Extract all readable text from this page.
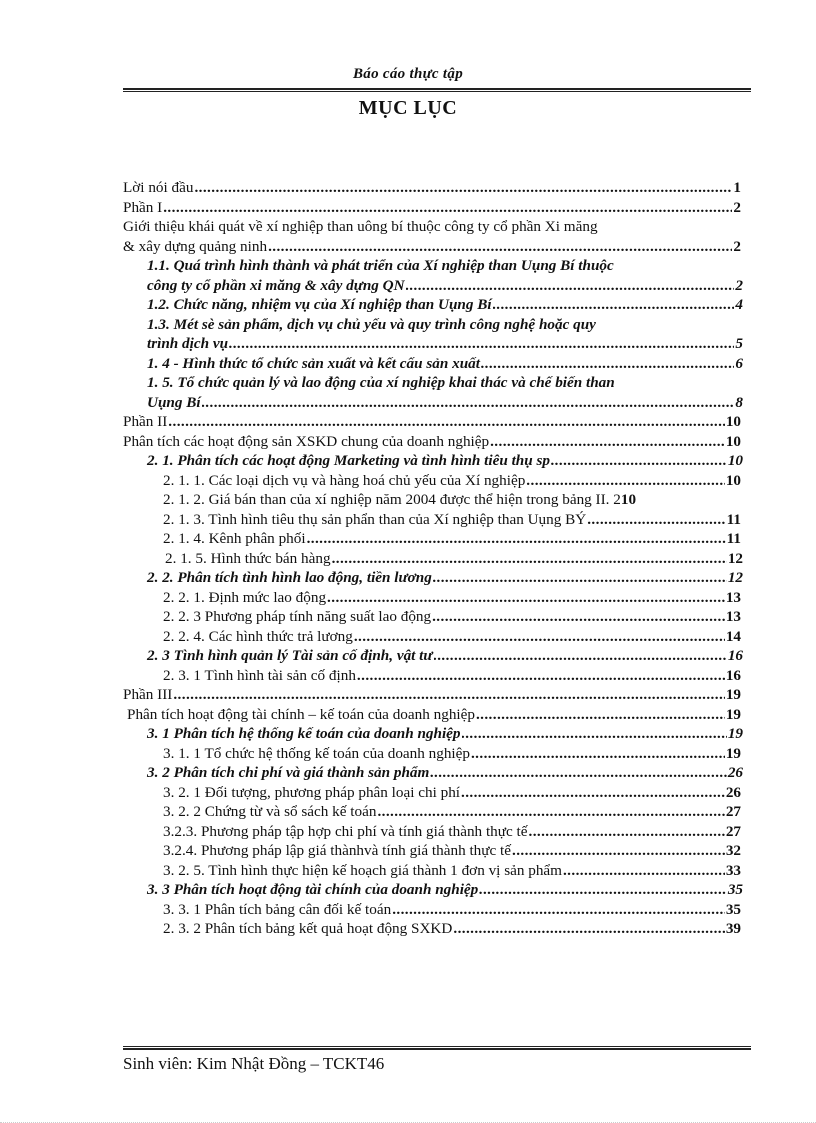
Báo cáo thực tập
MỤC LỤC
Lời nói đầu .....	1
Phần I .....	2
Giới thiệu khái quát về xí nghiệp than uông bí thuộc công ty cổ phần Xi măng
& xây dựng quảng ninh .....	2
1.1. Quá trình hình thành và phát triển của Xí nghiệp than Uụng Bí thuộc
công ty cổ phần xi măng & xây dựng QN .....	2
1.2. Chức năng, nhiệm vụ của Xí nghiệp than Uụng Bí .....	4
1.3. Mét sè sản phẩm, dịch vụ chủ yếu và quy trình công nghệ hoặc quy
trình dịch vụ .....	5
1. 4 - Hình thức tổ chức sản xuất và kết cấu sản xuất .....	6
1. 5. Tổ chức quản lý và lao động của xí nghiệp khai thác và chế biến than
Uụng Bí .....	8
Phần II .....	10
Phân tích các hoạt động sản XSKD chung của doanh nghiệp .....	10
2. 1. Phân tích các hoạt động Marketing và tình hình tiêu thụ sp .....	10
2. 1. 1. Các loại dịch vụ và hàng hoá chủ yếu của Xí nghiệp .....	10
2. 1. 2. Giá bán than của xí nghiệp năm 2004 được thể hiện trong bảng II. 2 10
2. 1. 3. Tình hình tiêu thụ sản phẩn than của Xí nghiệp than Uụng BÝ .....	11
2. 1. 4. Kênh phân phối .....	11
2. 1. 5. Hình thức bán hàng .....	12
2. 2. Phân tích tình hình lao động, tiền lương .....	12
2. 2. 1. Định mức lao động .....	13
2. 2. 3 Phương pháp tính năng suất lao động .....	13
2. 2. 4. Các hình thức trả lương .....	14
2. 3 Tình hình quản lý Tài sản cố định, vật tư .....	16
2. 3. 1 Tình hình tài sản cố định .....	16
Phần III .....	19
Phân tích hoạt động tài chính – kế toán của doanh nghiệp .....	19
3. 1 Phân tích hệ thống kế toán của doanh nghiệp .....	19
3. 1. 1 Tổ chức hệ thống kế toán của doanh nghiệp .....	19
3. 2 Phân tích chi phí và giá thành sản phẩm .....	26
3. 2. 1 Đối tượng, phương pháp phân loại chi phí .....	26
3. 2. 2 Chứng từ và sổ sách kế toán .....	27
3.2.3. Phương pháp tập hợp chi phí và tính giá thành thực tế .....	27
3.2.4. Phương pháp lập giá thànhvà tính giá thành thực tế .....	32
3. 2. 5. Tình hình thực hiện kế hoạch giá thành 1 đơn vị sản phẩm .....	33
3. 3 Phân tích hoạt động tài chính của doanh nghiệp .....	35
3. 3. 1 Phân tích bảng cân đối kế toán .....	35
2. 3. 2 Phân tích bảng kết quả hoạt động SXKD .....	39
Sinh viên: Kim Nhật Đồng – TCKT46
